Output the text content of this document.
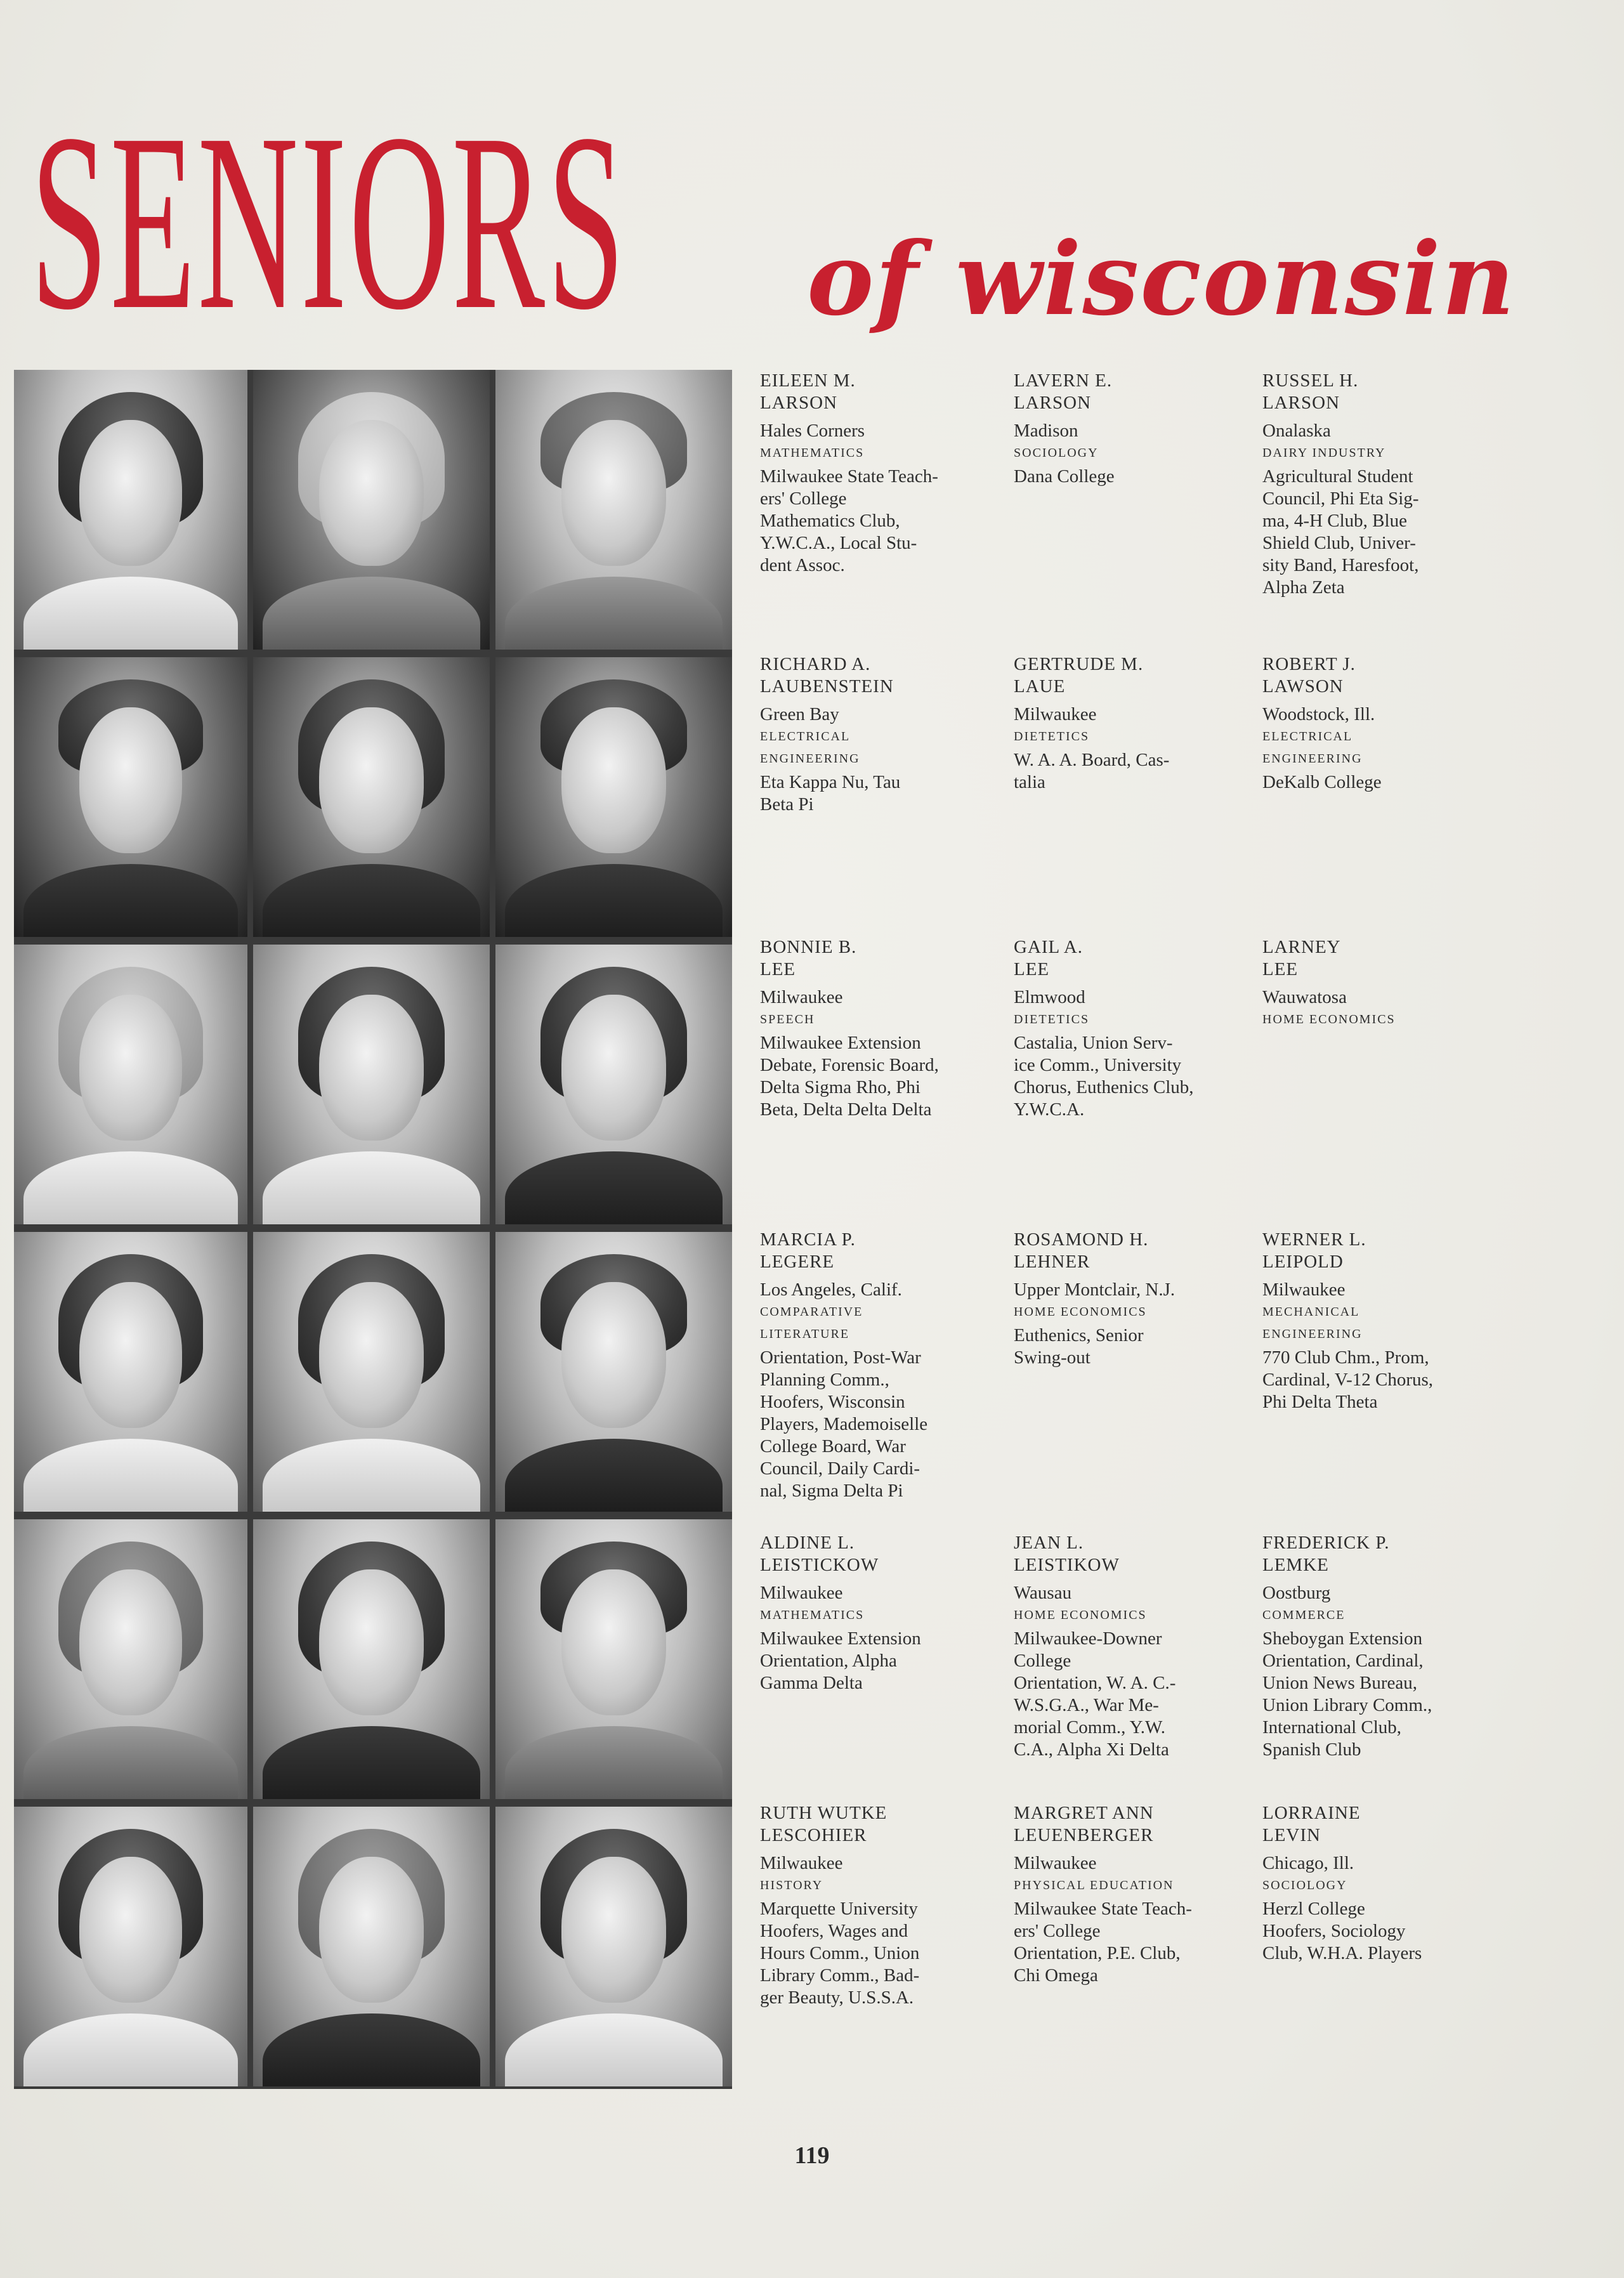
SENIORS of wisconsin
EILEEN M.
LARSON
Hales Corners
MATHEMATICS
Milwaukee State Teach-
ers' College
Mathematics Club,
Y.W.C.A., Local Stu-
dent Assoc.
LAVERN E.
LARSON
Madison
SOCIOLOGY
Dana College
RUSSEL H.
LARSON
Onalaska
DAIRY INDUSTRY
Agricultural Student
Council, Phi Eta Sig-
ma, 4-H Club, Blue
Shield Club, Univer-
sity Band, Haresfoot,
Alpha Zeta
RICHARD A.
LAUBENSTEIN
Green Bay
ELECTRICAL
ENGINEERING
Eta Kappa Nu, Tau
Beta Pi
GERTRUDE M.
LAUE
Milwaukee
DIETETICS
W. A. A. Board, Cas-
talia
ROBERT J.
LAWSON
Woodstock, Ill.
ELECTRICAL
ENGINEERING
DeKalb College
BONNIE B.
LEE
Milwaukee
SPEECH
Milwaukee Extension
Debate, Forensic Board,
Delta Sigma Rho, Phi
Beta, Delta Delta Delta
GAIL A.
LEE
Elmwood
DIETETICS
Castalia, Union Serv-
ice Comm., University
Chorus, Euthenics Club,
Y.W.C.A.
LARNEY
LEE
Wauwatosa
HOME ECONOMICS
MARCIA P.
LEGERE
Los Angeles, Calif.
COMPARATIVE
LITERATURE
Orientation, Post-War
Planning Comm.,
Hoofers, Wisconsin
Players, Mademoiselle
College Board, War
Council, Daily Cardi-
nal, Sigma Delta Pi
ROSAMOND H.
LEHNER
Upper Montclair, N.J.
HOME ECONOMICS
Euthenics, Senior
Swing-out
WERNER L.
LEIPOLD
Milwaukee
MECHANICAL
ENGINEERING
770 Club Chm., Prom,
Cardinal, V-12 Chorus,
Phi Delta Theta
ALDINE L.
LEISTICKOW
Milwaukee
MATHEMATICS
Milwaukee Extension
Orientation, Alpha
Gamma Delta
JEAN L.
LEISTIKOW
Wausau
HOME ECONOMICS
Milwaukee-Downer
College
Orientation, W. A. C.-
W.S.G.A., War Me-
morial Comm., Y.W.
C.A., Alpha Xi Delta
FREDERICK P.
LEMKE
Oostburg
COMMERCE
Sheboygan Extension
Orientation, Cardinal,
Union News Bureau,
Union Library Comm.,
International Club,
Spanish Club
RUTH WUTKE
LESCOHIER
Milwaukee
HISTORY
Marquette University
Hoofers, Wages and
Hours Comm., Union
Library Comm., Bad-
ger Beauty, U.S.S.A.
MARGRET ANN
LEUENBERGER
Milwaukee
PHYSICAL EDUCATION
Milwaukee State Teach-
ers' College
Orientation, P.E. Club,
Chi Omega
LORRAINE
LEVIN
Chicago, Ill.
SOCIOLOGY
Herzl College
Hoofers, Sociology
Club, W.H.A. Players
119
